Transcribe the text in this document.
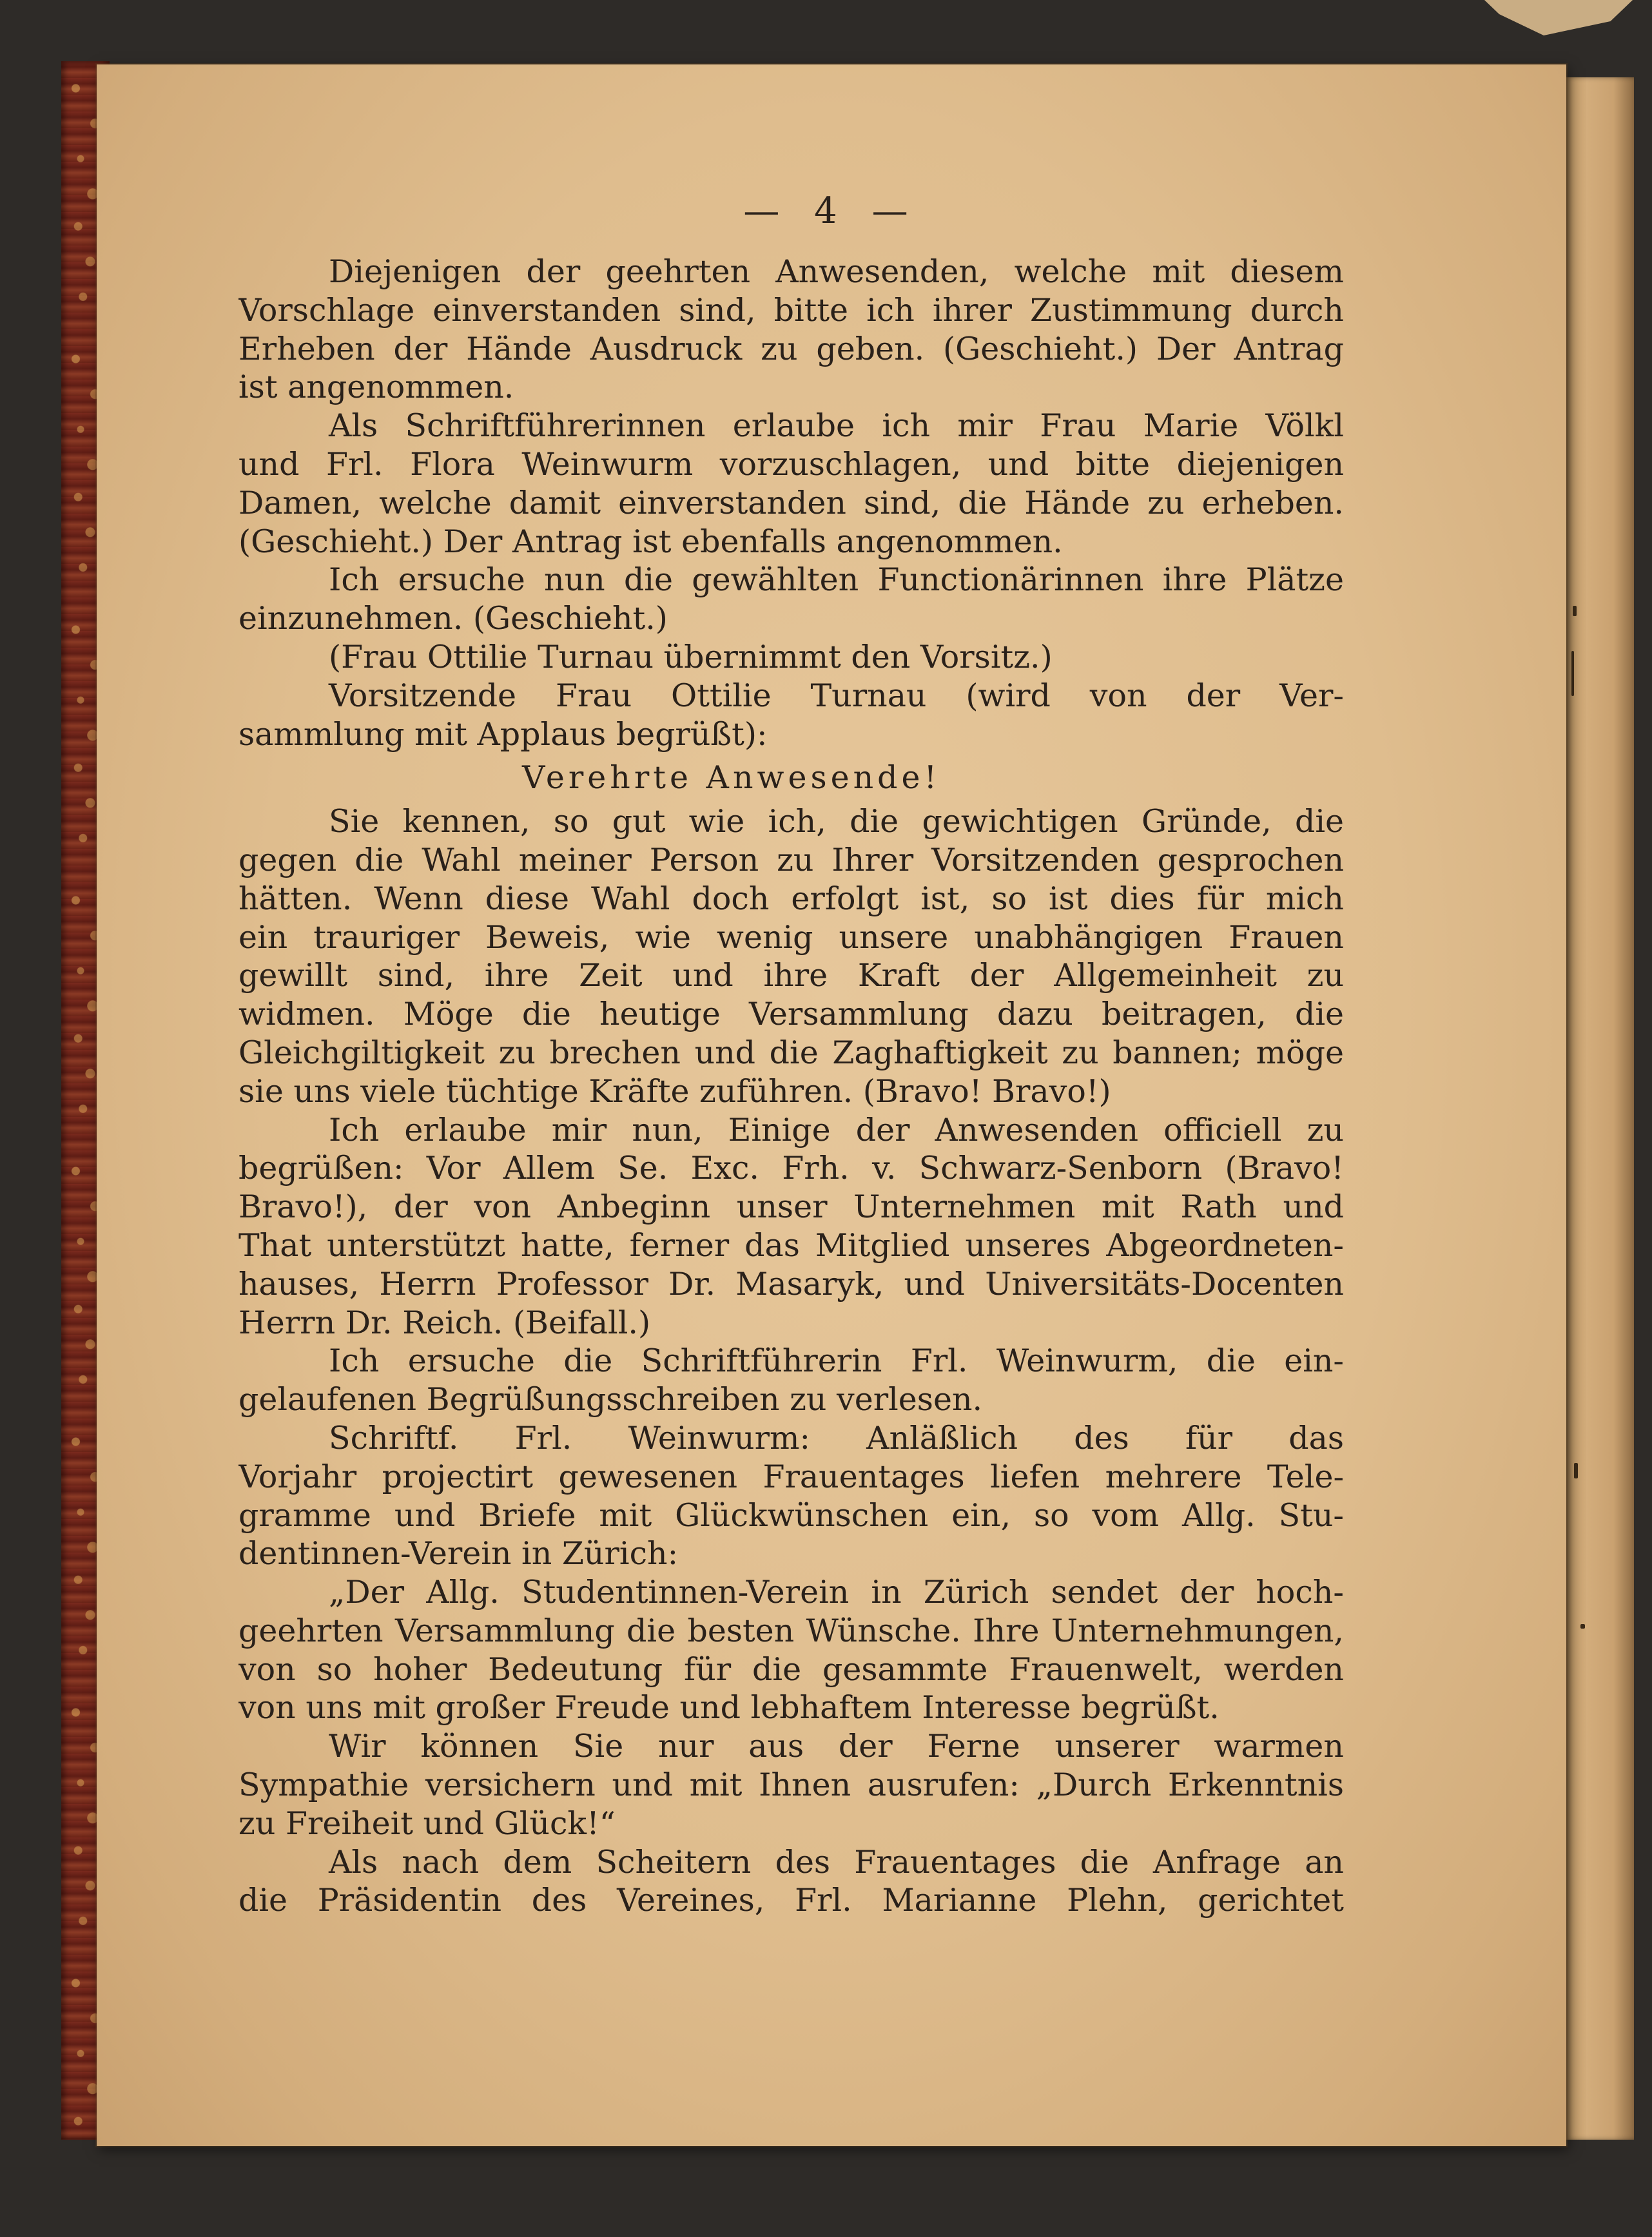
— 4 —
Diejenigen der geehrten Anwesenden, welche mit diesem
Vorschlage einverstanden sind, bitte ich ihrer Zustimmung durch
Erheben der Hände Ausdruck zu geben. (Geschieht.) Der Antrag
ist angenommen.
Als Schriftführerinnen erlaube ich mir Frau Marie Völkl
und Frl. Flora Weinwurm vorzuschlagen, und bitte diejenigen
Damen, welche damit einverstanden sind, die Hände zu erheben.
(Geschieht.) Der Antrag ist ebenfalls angenommen.
Ich ersuche nun die gewählten Functionärinnen ihre Plätze
einzunehmen. (Geschieht.)
(Frau Ottilie Turnau übernimmt den Vorsitz.)
Vorsitzende Frau Ottilie Turnau (wird von der Ver-
sammlung mit Applaus begrüßt):
Verehrte Anwesende!
Sie kennen, so gut wie ich, die gewichtigen Gründe, die
gegen die Wahl meiner Person zu Ihrer Vorsitzenden gesprochen
hätten. Wenn diese Wahl doch erfolgt ist, so ist dies für mich
ein trauriger Beweis, wie wenig unsere unabhängigen Frauen
gewillt sind, ihre Zeit und ihre Kraft der Allgemeinheit zu
widmen. Möge die heutige Versammlung dazu beitragen, die
Gleichgiltigkeit zu brechen und die Zaghaftigkeit zu bannen; möge
sie uns viele tüchtige Kräfte zuführen. (Bravo! Bravo!)
Ich erlaube mir nun, Einige der Anwesenden officiell zu
begrüßen: Vor Allem Se. Exc. Frh. v. Schwarz-Senborn (Bravo!
Bravo!), der von Anbeginn unser Unternehmen mit Rath und
That unterstützt hatte, ferner das Mitglied unseres Abgeordneten-
hauses, Herrn Professor Dr. Masaryk, und Universitäts-Docenten
Herrn Dr. Reich. (Beifall.)
Ich ersuche die Schriftführerin Frl. Weinwurm, die ein-
gelaufenen Begrüßungsschreiben zu verlesen.
Schriftf. Frl. Weinwurm: Anläßlich des für das
Vorjahr projectirt gewesenen Frauentages liefen mehrere Tele-
gramme und Briefe mit Glückwünschen ein, so vom Allg. Stu-
dentinnen-Verein in Zürich:
„Der Allg. Studentinnen-Verein in Zürich sendet der hoch-
geehrten Versammlung die besten Wünsche. Ihre Unternehmungen,
von so hoher Bedeutung für die gesammte Frauenwelt, werden
von uns mit großer Freude und lebhaftem Interesse begrüßt.
Wir können Sie nur aus der Ferne unserer warmen
Sympathie versichern und mit Ihnen ausrufen: „Durch Erkenntnis
zu Freiheit und Glück!“
Als nach dem Scheitern des Frauentages die Anfrage an
die Präsidentin des Vereines, Frl. Marianne Plehn, gerichtet
